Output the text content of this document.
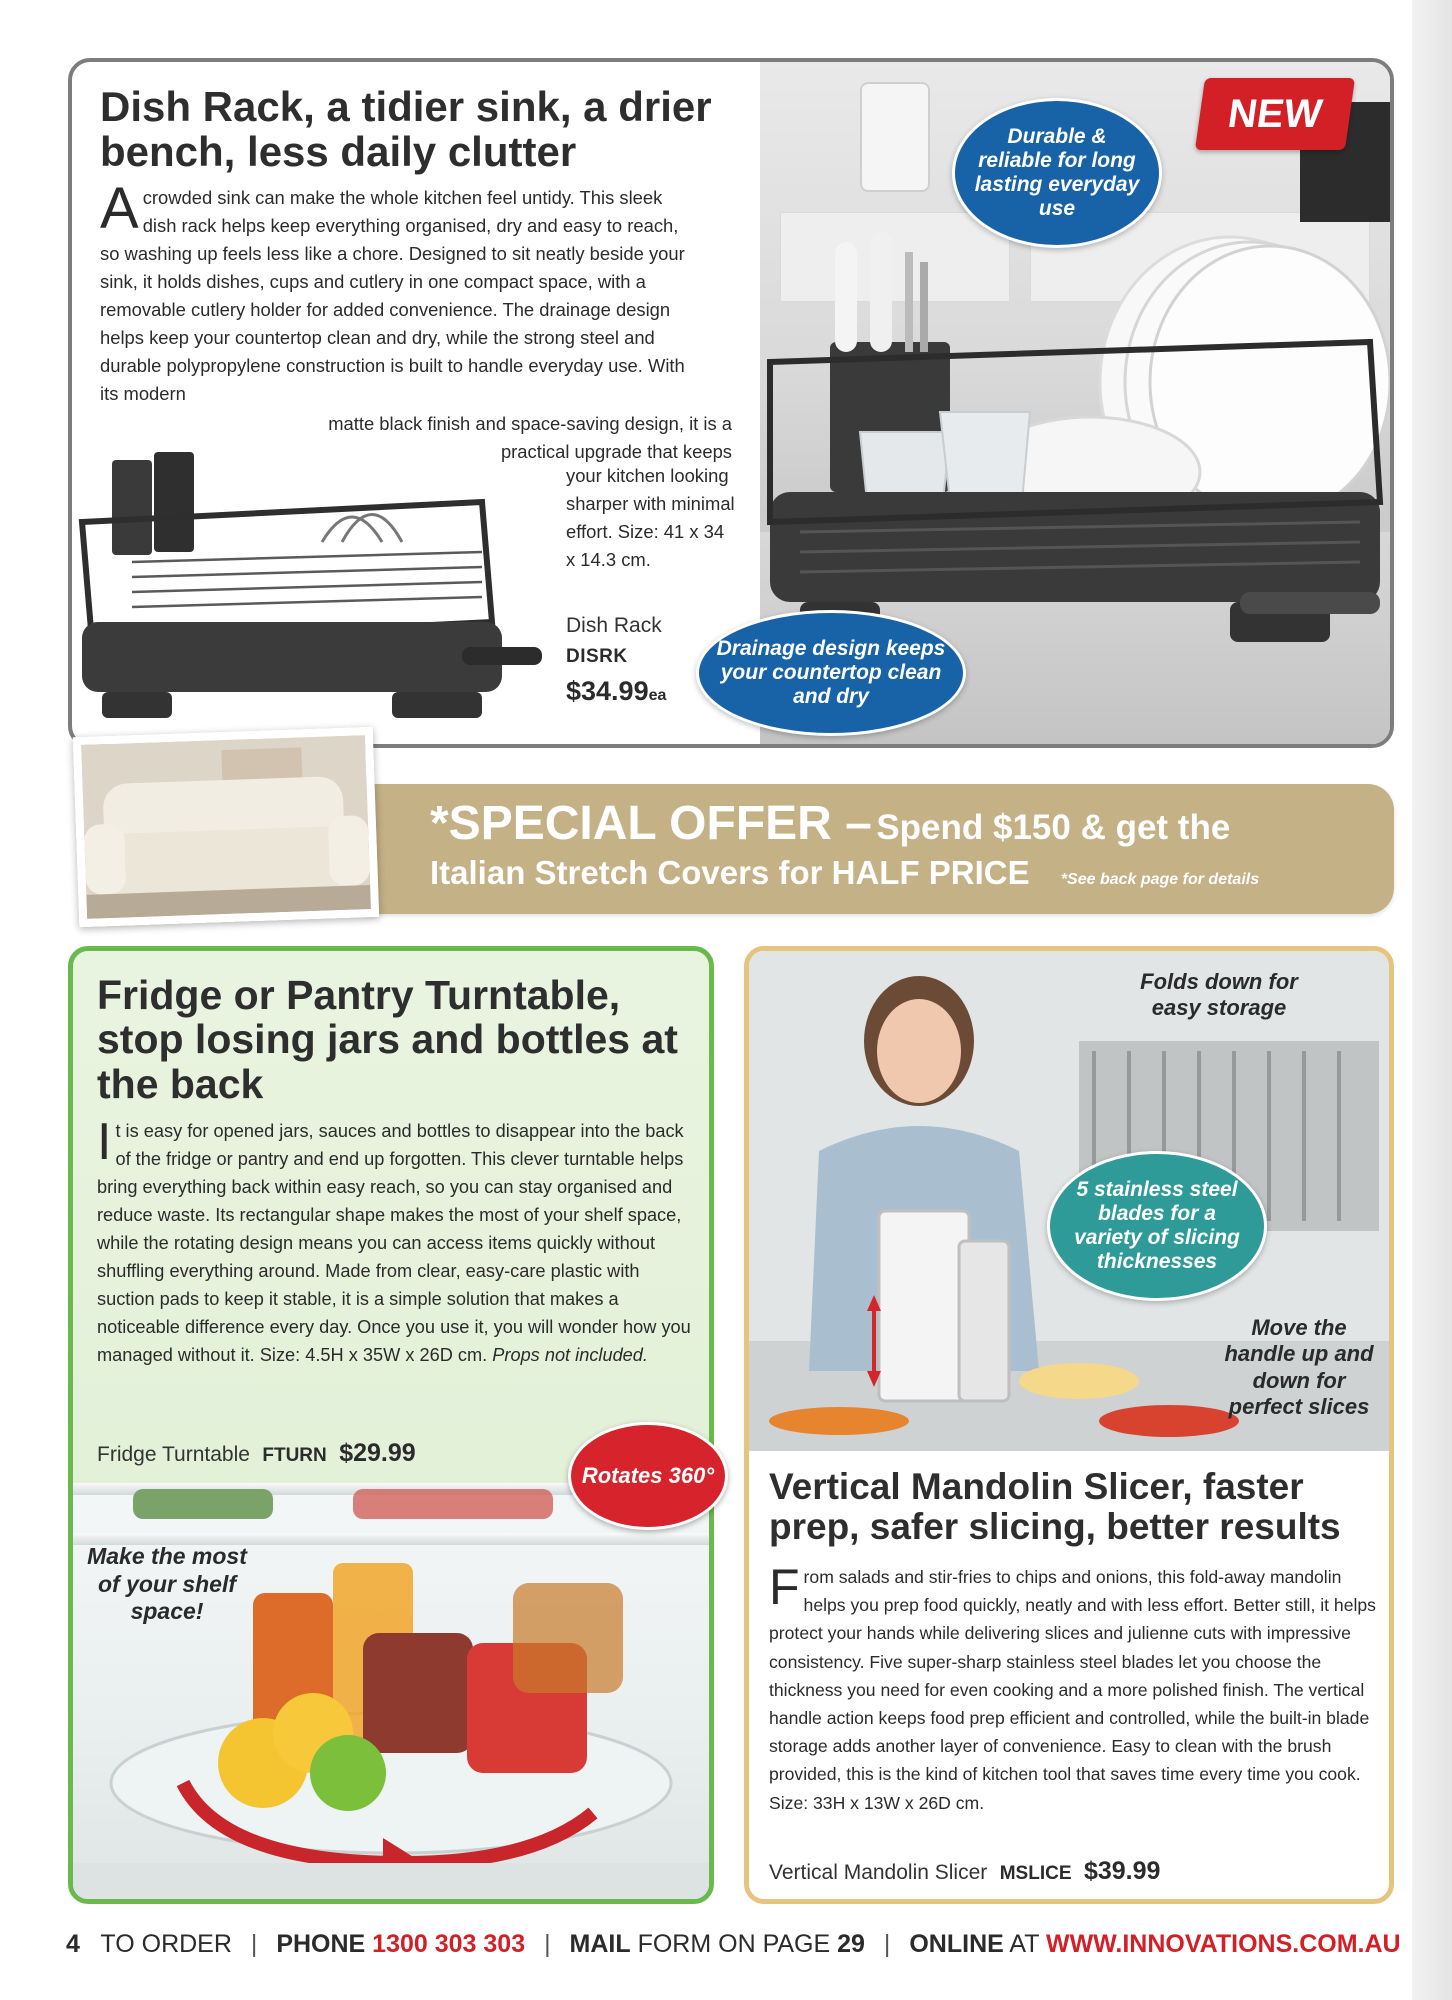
Dish Rack, a tidier sink, a drier bench, less daily clutter
Acrowded sink can make the whole kitchen feel untidy. This sleek dish rack helps keep everything organised, dry and easy to reach, so washing up feels less like a chore. Designed to sit neatly beside your sink, it holds dishes, cups and cutlery in one compact space, with a removable cutlery holder for added convenience. The drainage design helps keep your countertop clean and dry, while the strong steel and durable polypropylene construction is built to handle everyday use. With its modern
matte black finish and space-saving design, it is a practical upgrade that keeps
your kitchen looking sharper with minimal effort. Size: 41 x 34 x 14.3 cm.
Dish Rack
DISRK
$34.99ea
NEW
Durable & reliable for long lasting everyday use
Drainage design keeps your countertop clean and dry
*SPECIAL OFFER – Spend $150 & get the
Italian Stretch Covers for HALF PRICE *See back page for details
Fridge or Pantry Turntable, stop losing jars and bottles at the back
It is easy for opened jars, sauces and bottles to disappear into the back of the fridge or pantry and end up forgotten. This clever turntable helps bring everything back within easy reach, so you can stay organised and reduce waste. Its rectangular shape makes the most of your shelf space, while the rotating design means you can access items quickly without shuffling everything around. Made from clear, easy-care plastic with suction pads to keep it stable, it is a simple solution that makes a noticeable difference every day. Once you use it, you will wonder how you managed without it. Size: 4.5H x 35W x 26D cm. Props not included.
Fridge Turntable FTURN $29.99
Make the most of your shelf space!
Rotates 360°
Folds down for easy storage
Move the handle up and down for perfect slices
5 stainless steel blades for a variety of slicing thicknesses
Vertical Mandolin Slicer, faster prep, safer slicing, better results
From salads and stir-fries to chips and onions, this fold-away mandolin helps you prep food quickly, neatly and with less effort. Better still, it helps protect your hands while delivering slices and julienne cuts with impressive consistency. Five super-sharp stainless steel blades let you choose the thickness you need for even cooking and a more polished finish. The vertical handle action keeps food prep efficient and controlled, while the built-in blade storage adds another layer of convenience. Easy to clean with the brush provided, this is the kind of kitchen tool that saves time every time you cook. Size: 33H x 13W x 26D cm.
Vertical Mandolin Slicer MSLICE $39.99
4 TO ORDER | PHONE 1300 303 303 | MAIL FORM ON PAGE 29 | ONLINE AT WWW.INNOVATIONS.COM.AU
